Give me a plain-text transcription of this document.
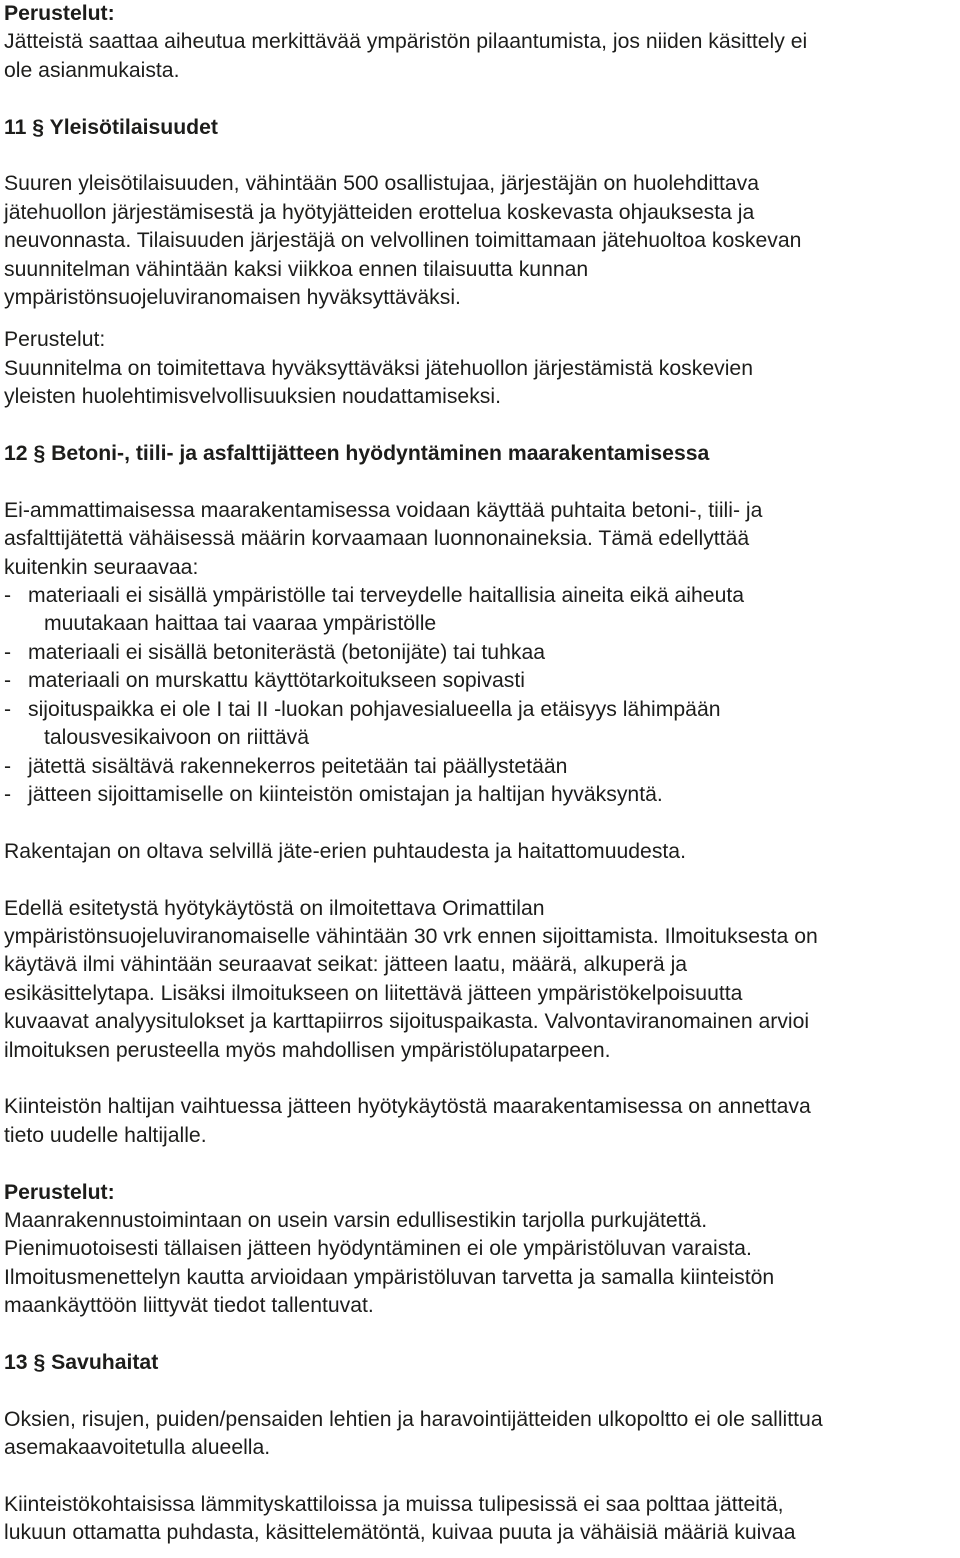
Perustelut:

Jätteistä saattaa aiheutua merkittävää ympäristön pilaantumista, jos niiden käsittely ei

ole asianmukaista.

11 § Yleisötilaisuudet

Suuren yleisötilaisuuden, vähintään 500 osallistujaa, järjestäjän on huolehdittava

jätehuollon järjestämisestä ja hyötyjätteiden erottelua koskevasta ohjauksesta ja

neuvonnasta. Tilaisuuden järjestäjä on velvollinen toimittamaan jätehuoltoa koskevan

suunnitelman vähintään kaksi viikkoa ennen tilaisuutta kunnan

ympäristönsuojeluviranomaisen hyväksyttäväksi.

Perustelut:

Suunnitelma on toimitettava hyväksyttäväksi jätehuollon järjestämistä koskevien

yleisten huolehtimisvelvollisuuksien noudattamiseksi.

12 § Betoni-, tiili- ja asfalttijätteen hyödyntäminen maarakentamisessa

Ei-ammattimaisessa maarakentamisessa voidaan käyttää puhtaita betoni-, tiili- ja

asfalttijätettä vähäisessä määrin korvaamaan luonnonaineksia. Tämä edellyttää

kuitenkin seuraavaa:

- materiaali ei sisällä ympäristölle tai terveydelle haitallisia aineita eikä aiheuta
muutakaan haittaa tai vaaraa ympäristölle
- materiaali ei sisällä betoniterästä (betonijäte) tai tuhkaa
- materiaali on murskattu käyttötarkoitukseen sopivasti
- sijoituspaikka ei ole I tai II -luokan pohjavesialueella ja etäisyys lähimpään
talousvesikaivoon on riittävä
- jätettä sisältävä rakennekerros peitetään tai päällystetään
- jätteen sijoittamiselle on kiinteistön omistajan ja haltijan hyväksyntä.

Rakentajan on oltava selvillä jäte-erien puhtaudesta ja haitattomuudesta.

Edellä esitetystä hyötykäytöstä on ilmoitettava Orimattilan

ympäristönsuojeluviranomaiselle vähintään 30 vrk ennen sijoittamista. Ilmoituksesta on

käytävä ilmi vähintään seuraavat seikat: jätteen laatu, määrä, alkuperä ja

esikäsittelytapa. Lisäksi ilmoitukseen on liitettävä jätteen ympäristökelpoisuutta

kuvaavat analyysitulokset ja karttapiirros sijoituspaikasta. Valvontaviranomainen arvioi

ilmoituksen perusteella myös mahdollisen ympäristölupatarpeen.

Kiinteistön haltijan vaihtuessa jätteen hyötykäytöstä maarakentamisessa on annettava

tieto uudelle haltijalle.

Perustelut:

Maanrakennustoimintaan on usein varsin edullisestikin tarjolla purkujätettä.

Pienimuotoisesti tällaisen jätteen hyödyntäminen ei ole ympäristöluvan varaista.

Ilmoitusmenettelyn kautta arvioidaan ympäristöluvan tarvetta ja samalla kiinteistön

maankäyttöön liittyvät tiedot tallentuvat.

13 § Savuhaitat

Oksien, risujen, puiden/pensaiden lehtien ja haravointijätteiden ulkopoltto ei ole sallittua

asemakaavoitetulla alueella.

Kiinteistökohtaisissa lämmityskattiloissa ja muissa tulipesissä ei saa polttaa jätteitä,

lukuun ottamatta puhdasta, käsittelemätöntä, kuivaa puuta ja vähäisiä määriä kuivaa
